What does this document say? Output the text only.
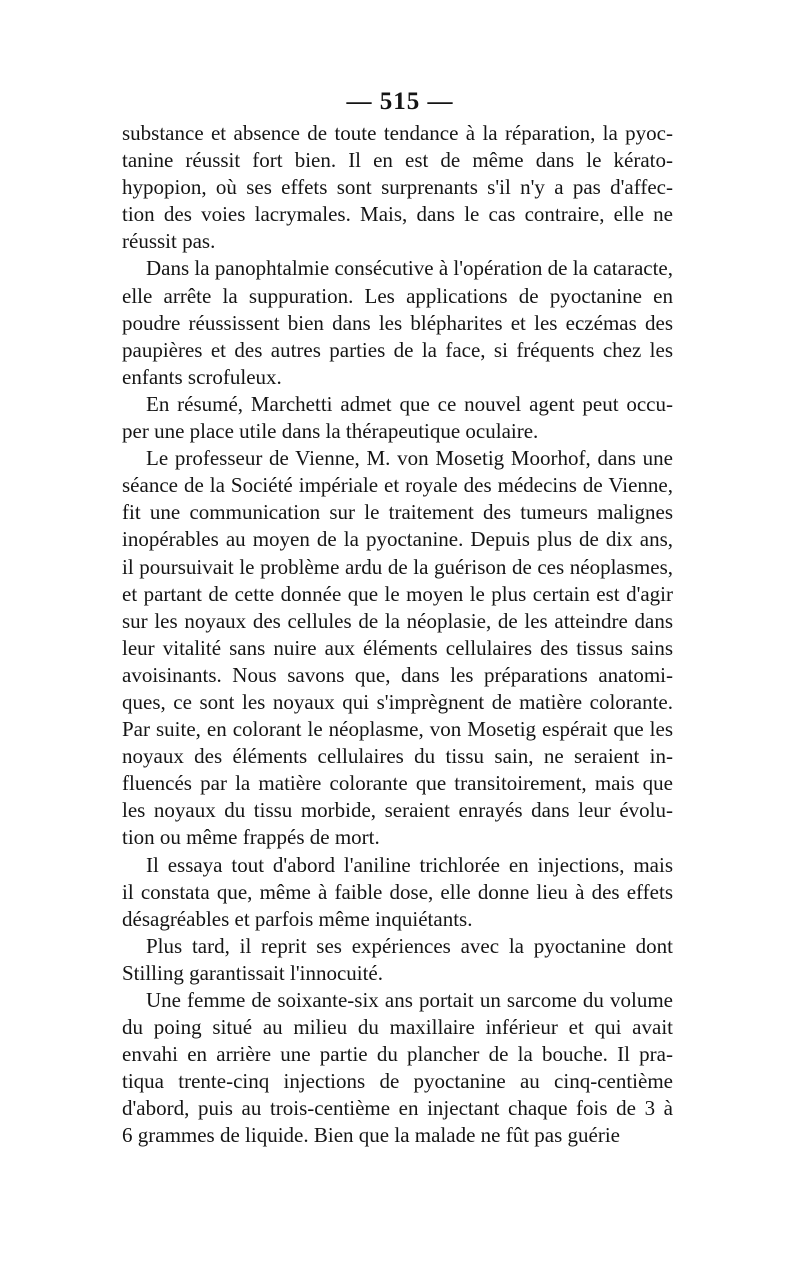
— 515 —
substance et absence de toute tendance à la réparation, la pyoc-
tanine réussit fort bien. Il en est de même dans le kérato-
hypopion, où ses effets sont surprenants s'il n'y a pas d'affec-
tion des voies lacrymales. Mais, dans le cas contraire, elle ne
réussit pas.
Dans la panophtalmie consécutive à l'opération de la cataracte,
elle arrête la suppuration. Les applications de pyoctanine en
poudre réussissent bien dans les blépharites et les eczémas des
paupières et des autres parties de la face, si fréquents chez les
enfants scrofuleux.
En résumé, Marchetti admet que ce nouvel agent peut occu-
per une place utile dans la thérapeutique oculaire.
Le professeur de Vienne, M. von Mosetig Moorhof, dans une
séance de la Société impériale et royale des médecins de Vienne,
fit une communication sur le traitement des tumeurs malignes
inopérables au moyen de la pyoctanine. Depuis plus de dix ans,
il poursuivait le problème ardu de la guérison de ces néoplasmes,
et partant de cette donnée que le moyen le plus certain est d'agir
sur les noyaux des cellules de la néoplasie, de les atteindre dans
leur vitalité sans nuire aux éléments cellulaires des tissus sains
avoisinants. Nous savons que, dans les préparations anatomi-
ques, ce sont les noyaux qui s'imprègnent de matière colorante.
Par suite, en colorant le néoplasme, von Mosetig espérait que les
noyaux des éléments cellulaires du tissu sain, ne seraient in-
fluencés par la matière colorante que transitoirement, mais que
les noyaux du tissu morbide, seraient enrayés dans leur évolu-
tion ou même frappés de mort.
Il essaya tout d'abord l'aniline trichlorée en injections, mais
il constata que, même à faible dose, elle donne lieu à des effets
désagréables et parfois même inquiétants.
Plus tard, il reprit ses expériences avec la pyoctanine dont
Stilling garantissait l'innocuité.
Une femme de soixante-six ans portait un sarcome du volume
du poing situé au milieu du maxillaire inférieur et qui avait
envahi en arrière une partie du plancher de la bouche. Il pra-
tiqua trente-cinq injections de pyoctanine au cinq-centième
d'abord, puis au trois-centième en injectant chaque fois de 3 à
6 grammes de liquide. Bien que la malade ne fût pas guérie
